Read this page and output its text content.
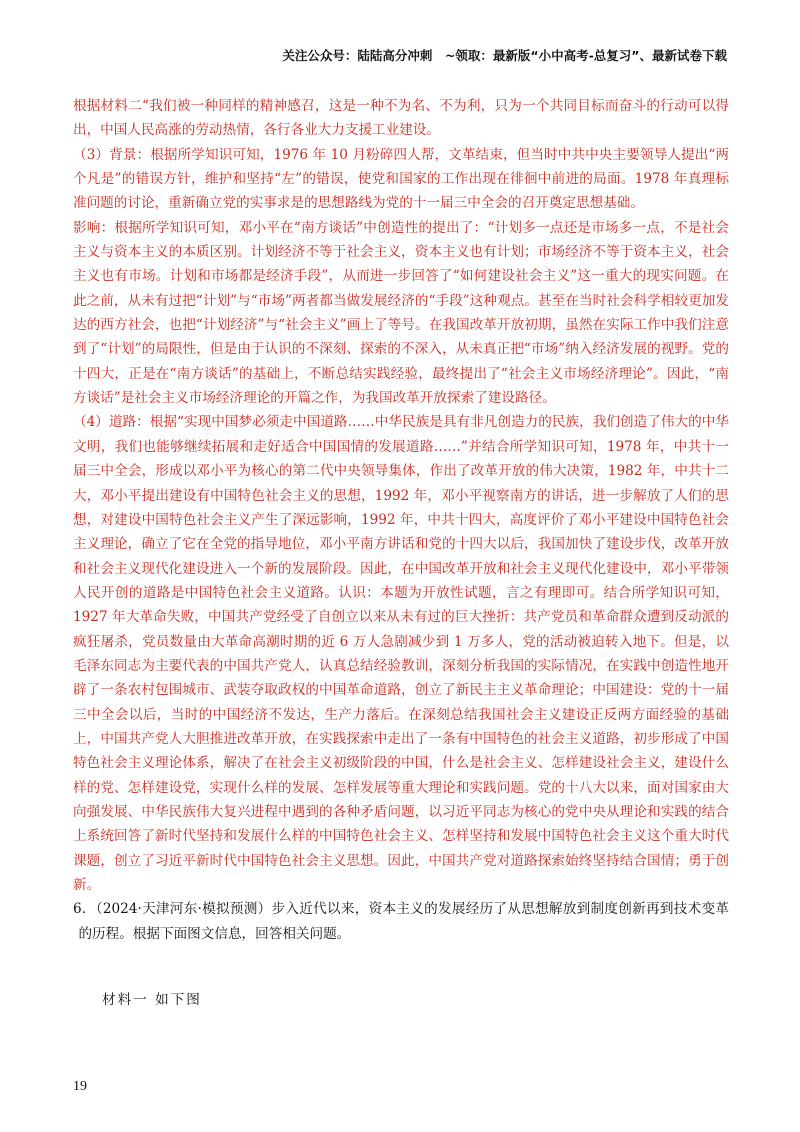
关注公众号：陆陆高分冲刺　~领取：最新版“小中高考-总复习”、最新试卷下载

根据材料二“我们被一种同样的精神感召，这是一种不为名、不为利，只为一个共同目标而奋斗的行动可以得出，中国人民高涨的劳动热情，各行各业大力支援工业建设。

（3）背景：根据所学知识可知，1976 年 10 月粉碎四人帮，文革结束，但当时中共中央主要领导人提出“两个凡是”的错误方针，维护和坚持“左”的错误，使党和国家的工作出现在徘徊中前进的局面。1978 年真理标准问题的讨论，重新确立党的实事求是的思想路线为党的十一届三中全会的召开奠定思想基础。

影响：根据所学知识可知，邓小平在“南方谈话”中创造性的提出了：“计划多一点还是市场多一点，不是社会主义与资本主义的本质区别。计划经济不等于社会主义，资本主义也有计划；市场经济不等于资本主义，社会主义也有市场。计划和市场都是经济手段”，从而进一步回答了“如何建设社会主义”这一重大的现实问题。在此之前，从未有过把“计划”与“市场”两者都当做发展经济的“手段”这种观点。甚至在当时社会科学相较更加发达的西方社会，也把“计划经济”与“社会主义”画上了等号。在我国改革开放初期，虽然在实际工作中我们注意到了“计划”的局限性，但是由于认识的不深刻、探索的不深入，从未真正把“市场”纳入经济发展的视野。党的十四大，正是在“南方谈话”的基础上，不断总结实践经验，最终提出了“社会主义市场经济理论”。因此，“南方谈话”是社会主义市场经济理论的开篇之作，为我国改革开放探索了建设路径。

（4）道路：根据“实现中国梦必须走中国道路……中华民族是具有非凡创造力的民族，我们创造了伟大的中华文明，我们也能够继续拓展和走好适合中国国情的发展道路……”并结合所学知识可知，1978 年，中共十一届三中全会，形成以邓小平为核心的第二代中央领导集体，作出了改革开放的伟大决策，1982 年，中共十二大，邓小平提出建设有中国特色社会主义的思想，1992 年，邓小平视察南方的讲话，进一步解放了人们的思想，对建设中国特色社会主义产生了深远影响，1992 年，中共十四大，高度评价了邓小平建设中国特色社会主义理论，确立了它在全党的指导地位，邓小平南方讲话和党的十四大以后，我国加快了建设步伐，改革开放和社会主义现代化建设进入一个新的发展阶段。因此，在中国改革开放和社会主义现代化建设中，邓小平带领人民开创的道路是中国特色社会主义道路。认识：本题为开放性试题，言之有理即可。结合所学知识可知，1927 年大革命失败，中国共产党经受了自创立以来从未有过的巨大挫折：共产党员和革命群众遭到反动派的疯狂屠杀，党员数量由大革命高潮时期的近 6 万人急剧减少到 1 万多人，党的活动被迫转入地下。但是，以毛泽东同志为主要代表的中国共产党人，认真总结经验教训，深刻分析我国的实际情况，在实践中创造性地开辟了一条农村包围城市、武装夺取政权的中国革命道路，创立了新民主主义革命理论；中国建设：党的十一届三中全会以后，当时的中国经济不发达，生产力落后。在深刻总结我国社会主义建设正反两方面经验的基础上，中国共产党人大胆推进改革开放，在实践探索中走出了一条有中国特色的社会主义道路，初步形成了中国特色社会主义理论体系，解决了在社会主义初级阶段的中国，什么是社会主义、怎样建设社会主义，建设什么样的党、怎样建设党，实现什么样的发展、怎样发展等重大理论和实践问题。党的十八大以来，面对国家由大向强发展、中华民族伟大复兴进程中遇到的各种矛盾问题，以习近平同志为核心的党中央从理论和实践的结合上系统回答了新时代坚持和发展什么样的中国特色社会主义、怎样坚持和发展中国特色社会主义这个重大时代课题，创立了习近平新时代中国特色社会主义思想。因此，中国共产党对道路探索始终坚持结合国情；勇于创新。

6．（2024·天津河东·模拟预测）步入近代以来，资本主义的发展经历了从思想解放到制度创新再到技术变革的历程。根据下面图文信息，回答相关问题。

材料一 如下图
19
